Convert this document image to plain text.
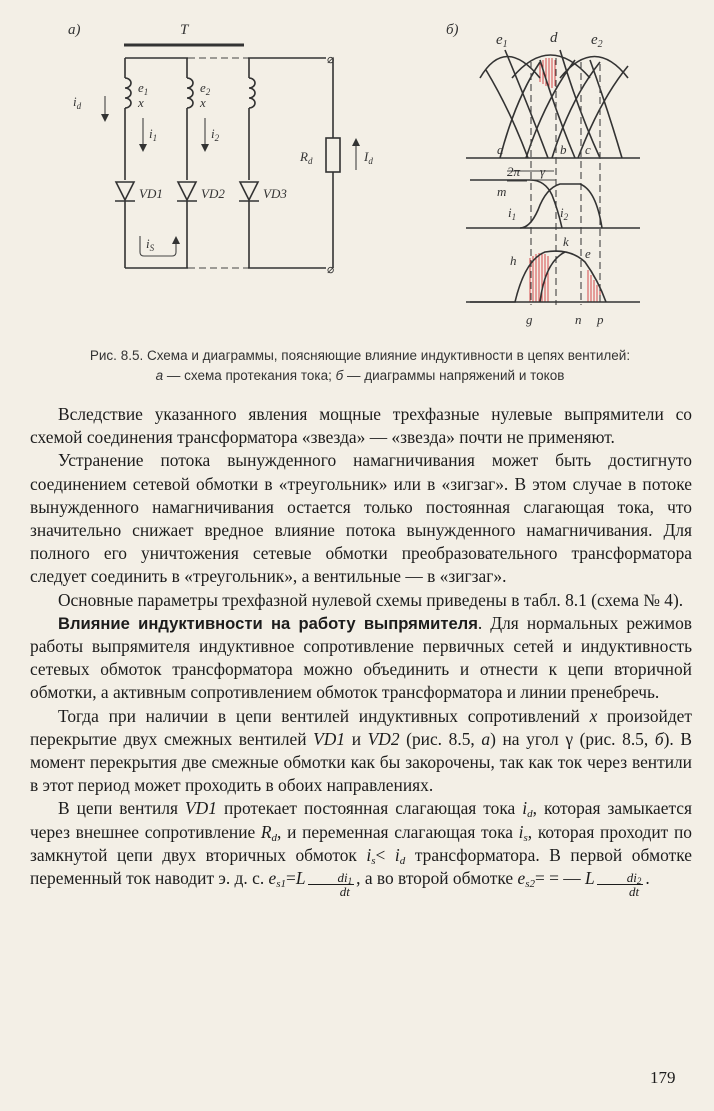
а)	T
⌀
$e_1$
x
$e_2$
x
$i_1$	$i_2$
$i_d$
VD1	VD2	VD3
⌀
$i_S$
$R_d$	$I_d$
б)
$e_1$	d $e_2$
a	b c
2π
m
γ
$i_1$	$i_2$
h
k
e
g	n p
Рис. 8.5. Схема и диаграммы, поясняющие влияние индуктивности в цепях вентилей:
а — схема протекания тока; б — диаграммы напряжений и токов

Вследствие указанного явления мощные трехфазные нулевые выпрямители со схемой соединения трансформатора «звезда» — «звезда» почти не применяют.

Устранение потока вынужденного намагничивания может быть достигнуто соединением сетевой обмотки в «треугольник» или в «зигзаг». В этом случае в потоке вынужденного намагничивания остается только постоянная слагающая тока, что значительно снижает вредное влияние потока вынужденного намагничивания. Для полного его уничтожения сетевые обмотки преобразовательного трансформатора следует соединить в «треугольник», а вентильные — в «зигзаг».

Основные параметры трехфазной нулевой схемы приведены в табл. 8.1 (схема № 4).

Влияние индуктивности на работу выпрямителя. Для нормальных режимов работы выпрямителя индуктивное сопротивление первичных сетей и индуктивность сетевых обмоток трансформатора можно объединить и отнести к цепи вторичной обмотки, а активным сопротивлением обмоток трансформатора и линии пренебречь.

Тогда при наличии в цепи вентилей индуктивных сопротивлений x произойдет перекрытие двух смежных вентилей VD1 и VD2 (рис. 8.5, а) на угол γ (рис. 8.5, б). В момент перекрытия две смежные обмотки как бы закорочены, так как ток через вентили в этот период может проходить в обоих направлениях.

В цепи вентиля VD1 протекает постоянная слагающая тока $i_d$, которая замыкается через внешнее сопротивление $R_d$, и переменная слагающая тока $i_s$, которая проходит по замкнутой цепи двух вторичных обмоток $i_s< i_d$ трансформатора. В первой обмотке переменный ток наводит э. д. с. $e_{s1}=L \frac{di_1}{dt}$ , а во второй обмотке $e_{s2}=$ = — L $\frac{di_2}{dt}$ .

179
